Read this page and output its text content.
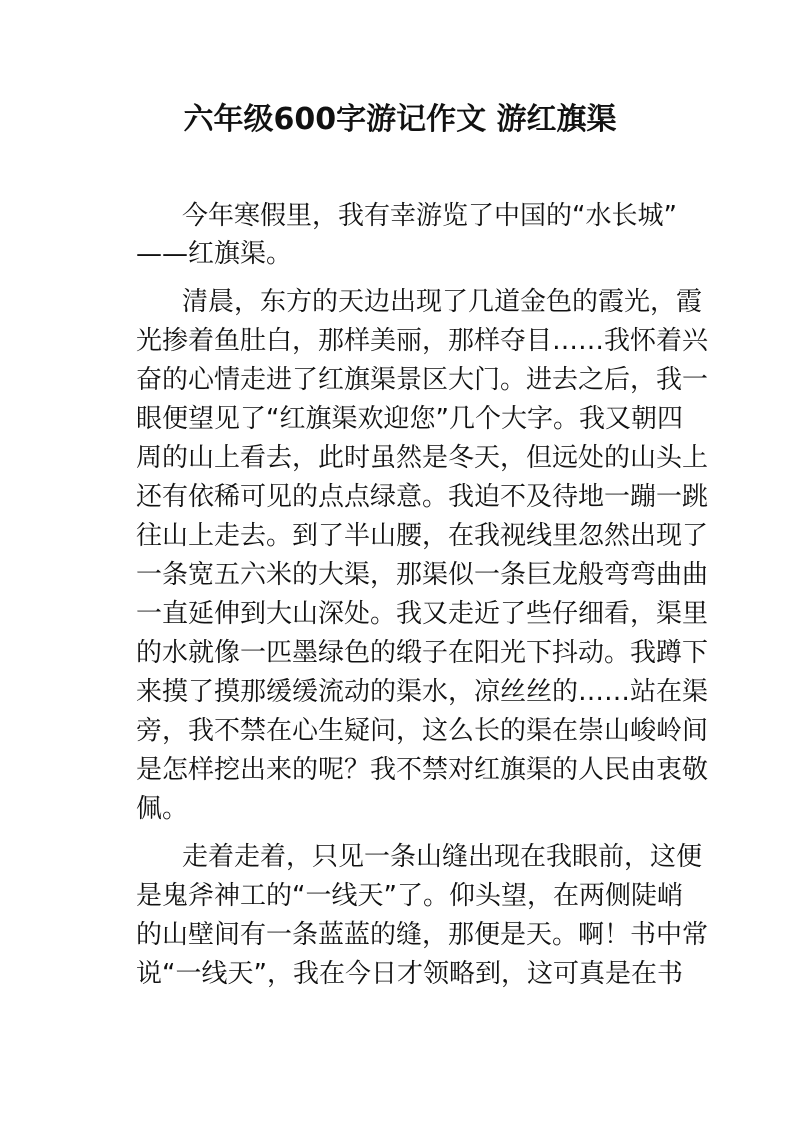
六年级600字游记作文 游红旗渠
今年寒假里，我有幸游览了中国的“水长城”
——红旗渠。
清晨，东方的天边出现了几道金色的霞光，霞
光掺着鱼肚白，那样美丽，那样夺目……我怀着兴
奋的心情走进了红旗渠景区大门。进去之后，我一
眼便望见了“红旗渠欢迎您”几个大字。我又朝四
周的山上看去，此时虽然是冬天，但远处的山头上
还有依稀可见的点点绿意。我迫不及待地一蹦一跳
往山上走去。到了半山腰，在我视线里忽然出现了
一条宽五六米的大渠，那渠似一条巨龙般弯弯曲曲
一直延伸到大山深处。我又走近了些仔细看，渠里
的水就像一匹墨绿色的缎子在阳光下抖动。我蹲下
来摸了摸那缓缓流动的渠水，凉丝丝的……站在渠
旁，我不禁在心生疑问，这么长的渠在崇山峻岭间
是怎样挖出来的呢？我不禁对红旗渠的人民由衷敬
佩。
走着走着，只见一条山缝出现在我眼前，这便
是鬼斧神工的“一线天”了。仰头望，在两侧陡峭
的山壁间有一条蓝蓝的缝，那便是天。啊！书中常
说“一线天”，我在今日才领略到，这可真是在书
